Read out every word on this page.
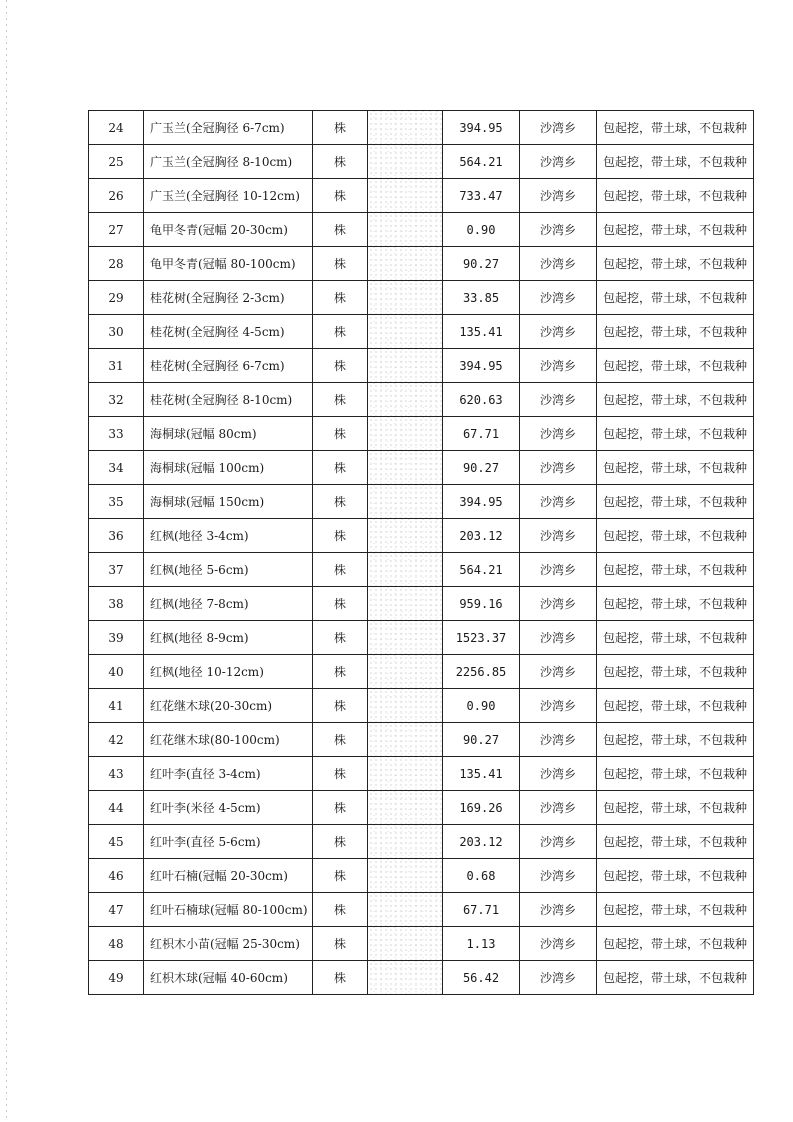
24	广玉兰(全冠胸径 6-7cm)	株		394.95	沙湾乡	包起挖，带土球，不包栽种
25	广玉兰(全冠胸径 8-10cm)	株		564.21	沙湾乡	包起挖，带土球，不包栽种
26	广玉兰(全冠胸径 10-12cm)	株		733.47	沙湾乡	包起挖，带土球，不包栽种
27	龟甲冬青(冠幅 20-30cm)	株		0.90	沙湾乡	包起挖，带土球，不包栽种
28	龟甲冬青(冠幅 80-100cm)	株		90.27	沙湾乡	包起挖，带土球，不包栽种
29	桂花树(全冠胸径 2-3cm)	株		33.85	沙湾乡	包起挖，带土球，不包栽种
30	桂花树(全冠胸径 4-5cm)	株		135.41	沙湾乡	包起挖，带土球，不包栽种
31	桂花树(全冠胸径 6-7cm)	株		394.95	沙湾乡	包起挖，带土球，不包栽种
32	桂花树(全冠胸径 8-10cm)	株		620.63	沙湾乡	包起挖，带土球，不包栽种
33	海桐球(冠幅 80cm)	株		67.71	沙湾乡	包起挖，带土球，不包栽种
34	海桐球(冠幅 100cm)	株		90.27	沙湾乡	包起挖，带土球，不包栽种
35	海桐球(冠幅 150cm)	株		394.95	沙湾乡	包起挖，带土球，不包栽种
36	红枫(地径 3-4cm)	株		203.12	沙湾乡	包起挖，带土球，不包栽种
37	红枫(地径 5-6cm)	株		564.21	沙湾乡	包起挖，带土球，不包栽种
38	红枫(地径 7-8cm)	株		959.16	沙湾乡	包起挖，带土球，不包栽种
39	红枫(地径 8-9cm)	株		1523.37	沙湾乡	包起挖，带土球，不包栽种
40	红枫(地径 10-12cm)	株		2256.85	沙湾乡	包起挖，带土球，不包栽种
41	红花继木球(20-30cm)	株		0.90	沙湾乡	包起挖，带土球，不包栽种
42	红花继木球(80-100cm)	株		90.27	沙湾乡	包起挖，带土球，不包栽种
43	红叶李(直径 3-4cm)	株		135.41	沙湾乡	包起挖，带土球，不包栽种
44	红叶李(米径 4-5cm)	株		169.26	沙湾乡	包起挖，带土球，不包栽种
45	红叶李(直径 5-6cm)	株		203.12	沙湾乡	包起挖，带土球，不包栽种
46	红叶石楠(冠幅 20-30cm)	株		0.68	沙湾乡	包起挖，带土球，不包栽种
47	红叶石楠球(冠幅 80-100cm)	株		67.71	沙湾乡	包起挖，带土球，不包栽种
48	红枳木小苗(冠幅 25-30cm)	株		1.13	沙湾乡	包起挖，带土球，不包栽种
49	红枳木球(冠幅 40-60cm)	株		56.42	沙湾乡	包起挖，带土球，不包栽种
